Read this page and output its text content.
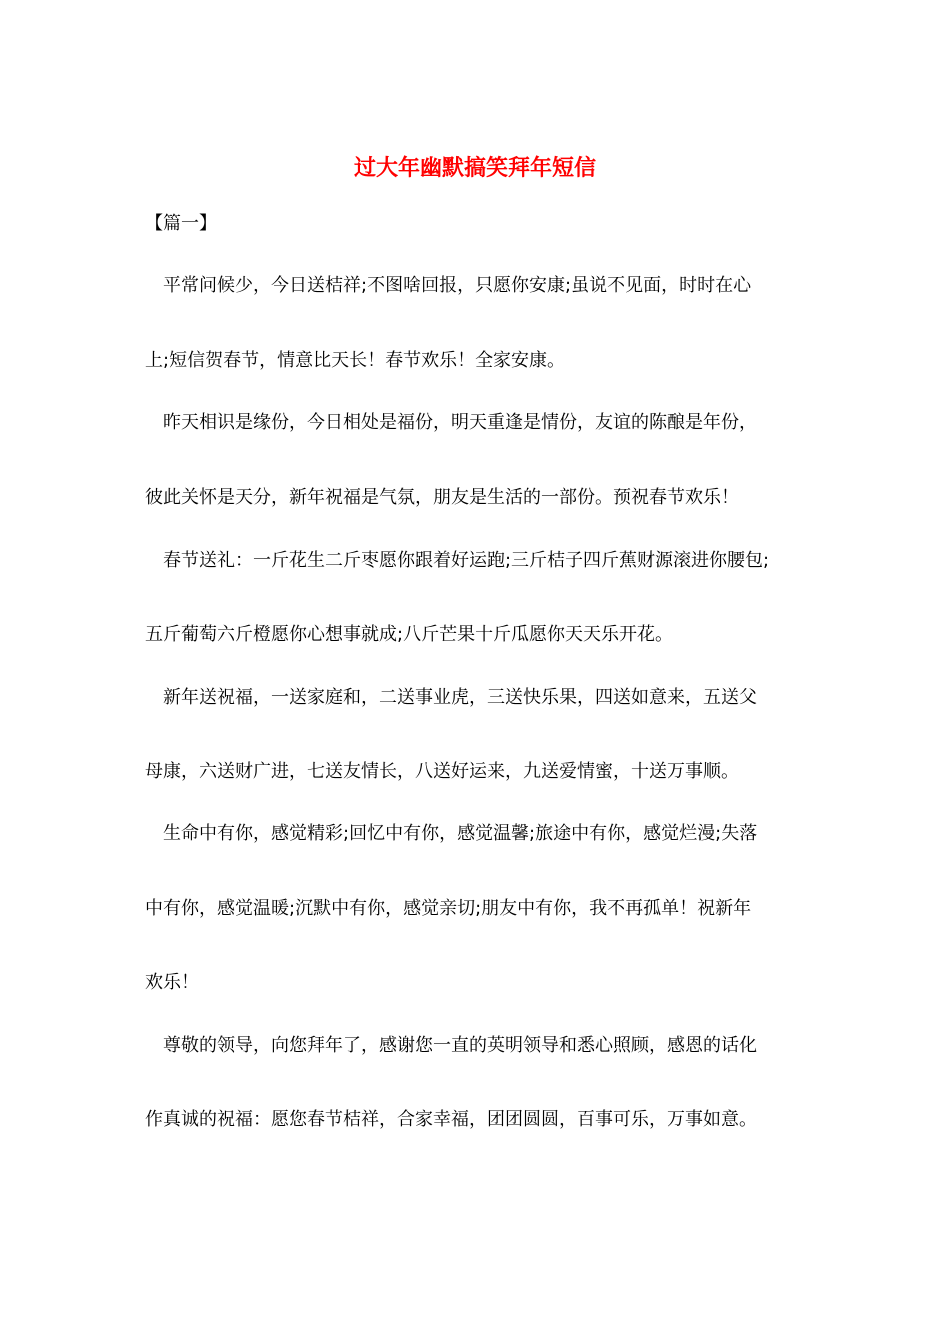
过大年幽默搞笑拜年短信

【篇一】

平常问候少，今日送桔祥;不图啥回报，只愿你安康;虽说不见面，时时在心

上;短信贺春节，情意比天长！春节欢乐！全家安康。

昨天相识是缘份，今日相处是福份，明天重逢是情份，友谊的陈酿是年份，

彼此关怀是天分，新年祝福是气氛，朋友是生活的一部份。预祝春节欢乐！

春节送礼：一斤花生二斤枣愿你跟着好运跑;三斤桔子四斤蕉财源滚进你腰包;

五斤葡萄六斤橙愿你心想事就成;八斤芒果十斤瓜愿你天天乐开花。

新年送祝福，一送家庭和，二送事业虎，三送快乐果，四送如意来，五送父

母康，六送财广进，七送友情长，八送好运来，九送爱情蜜，十送万事顺。

生命中有你，感觉精彩;回忆中有你，感觉温馨;旅途中有你，感觉烂漫;失落

中有你，感觉温暖;沉默中有你，感觉亲切;朋友中有你，我不再孤单！祝新年

欢乐！

尊敬的领导，向您拜年了，感谢您一直的英明领导和悉心照顾，感恩的话化

作真诚的祝福：愿您春节桔祥，合家幸福，团团圆圆，百事可乐，万事如意。
